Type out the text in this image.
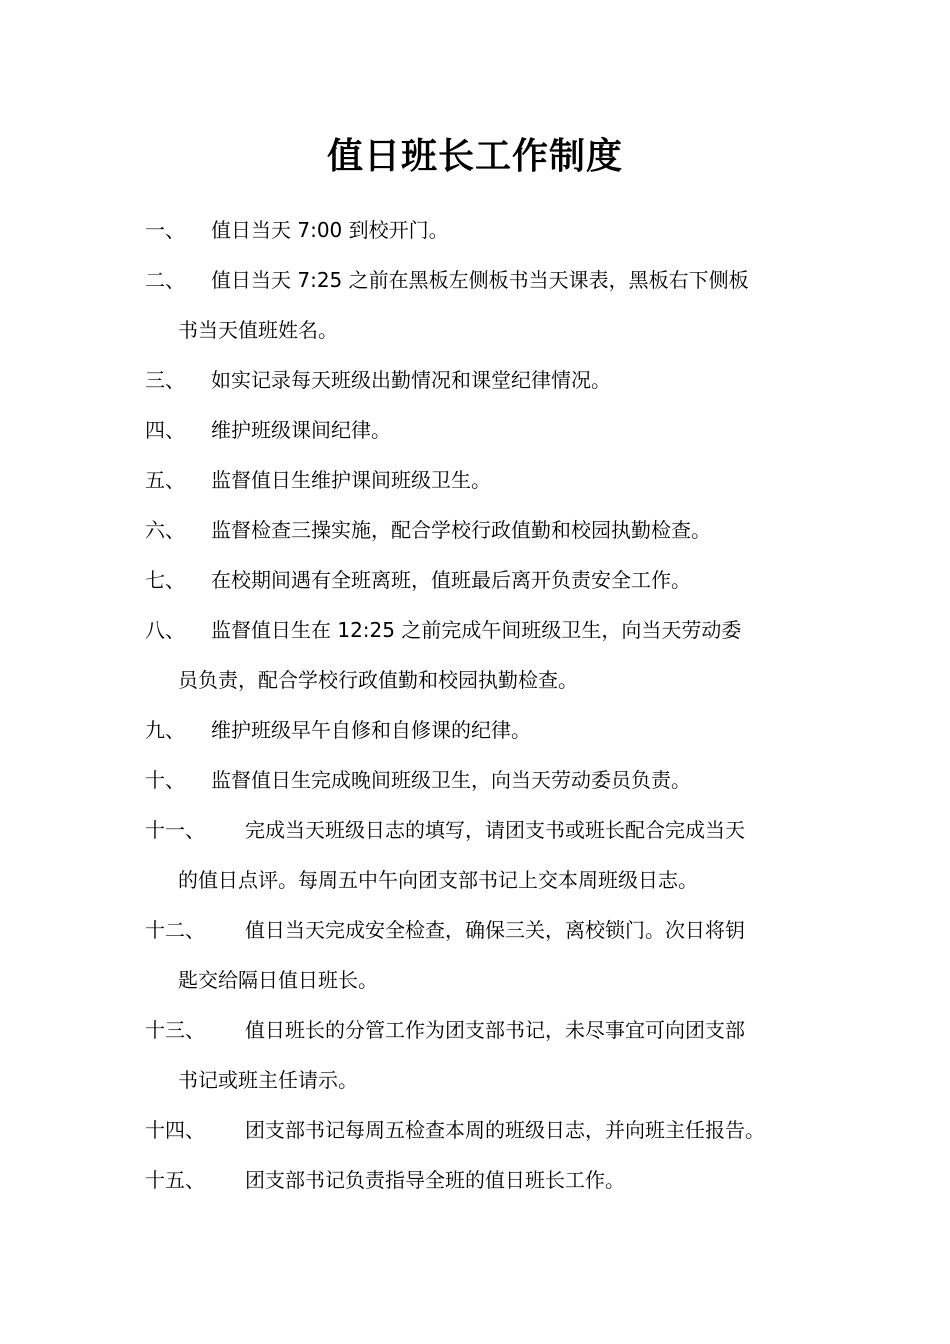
值日班长工作制度
一、 值日当天 7:00 到校开门。
二、 值日当天 7:25 之前在黑板左侧板书当天课表，黑板右下侧板
书当天值班姓名。
三、 如实记录每天班级出勤情况和课堂纪律情况。
四、 维护班级课间纪律。
五、 监督值日生维护课间班级卫生。
六、 监督检查三操实施，配合学校行政值勤和校园执勤检查。
七、 在校期间遇有全班离班，值班最后离开负责安全工作。
八、 监督值日生在 12:25 之前完成午间班级卫生，向当天劳动委
员负责，配合学校行政值勤和校园执勤检查。
九、 维护班级早午自修和自修课的纪律。
十、 监督值日生完成晚间班级卫生，向当天劳动委员负责。
十一、 完成当天班级日志的填写，请团支书或班长配合完成当天
的值日点评。每周五中午向团支部书记上交本周班级日志。
十二、 值日当天完成安全检查，确保三关，离校锁门。次日将钥
匙交给隔日值日班长。
十三、 值日班长的分管工作为团支部书记，未尽事宜可向团支部
书记或班主任请示。
十四、 团支部书记每周五检查本周的班级日志，并向班主任报告。
十五、 团支部书记负责指导全班的值日班长工作。
